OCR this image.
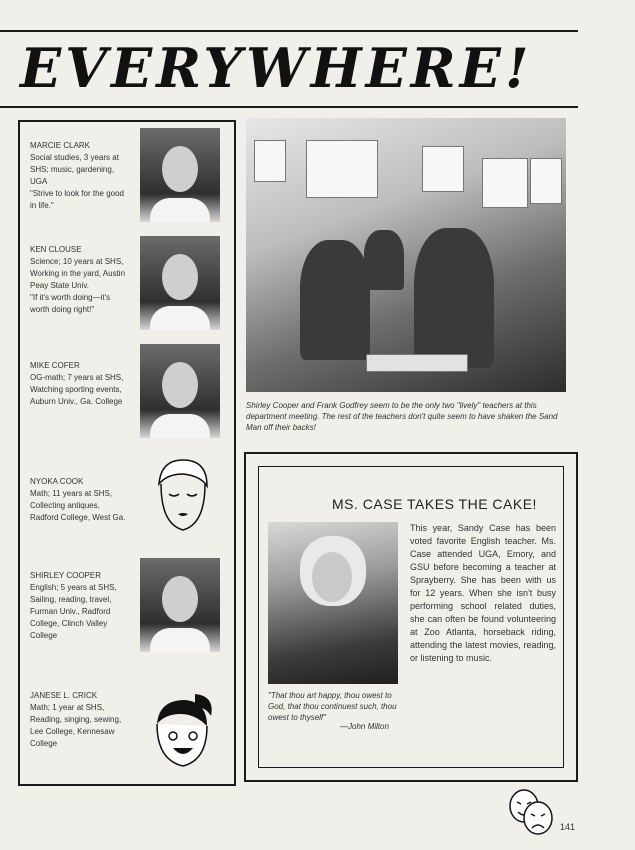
EVERYWHERE!
MARCIE CLARK
Social studies, 3 years at SHS; music, gardening, UGA
"Strive to look for the good in life."
KEN CLOUSE
Science; 10 years at SHS, Working in the yard, Austin Peay State Univ.
"If it's worth doing—it's worth doing right!"
MIKE COFER
OG-math; 7 years at SHS, Watching sporting events, Auburn Univ., Ga. College
NYOKA COOK
Math; 11 years at SHS, Collecting antiques, Radford College, West Ga.
SHIRLEY COOPER
English; 5 years at SHS, Sailing, reading, travel, Furman Univ., Radford College, Clinch Valley College
JANESE L. CRICK
Math; 1 year at SHS, Reading, singing, sewing, Lee College, Kennesaw College
Shirley Cooper and Frank Godfrey seem to be the only two "lively" teachers at this department meeting. The rest of the teachers don't quite seem to have shaken the Sand Man off their backs!
MS. CASE TAKES THE CAKE!
This year, Sandy Case has been voted favorite English teacher. Ms. Case attended UGA, Emory, and GSU before becoming a teacher at Sprayberry. She has been with us for 12 years. When she isn't busy performing school related duties, she can often be found volunteering at Zoo Atlanta, horseback riding, attending the latest movies, reading, or listening to music.
"That thou art happy, thou owest to God, that thou continuest such, thou owest to thyself"
—John Milton
141
